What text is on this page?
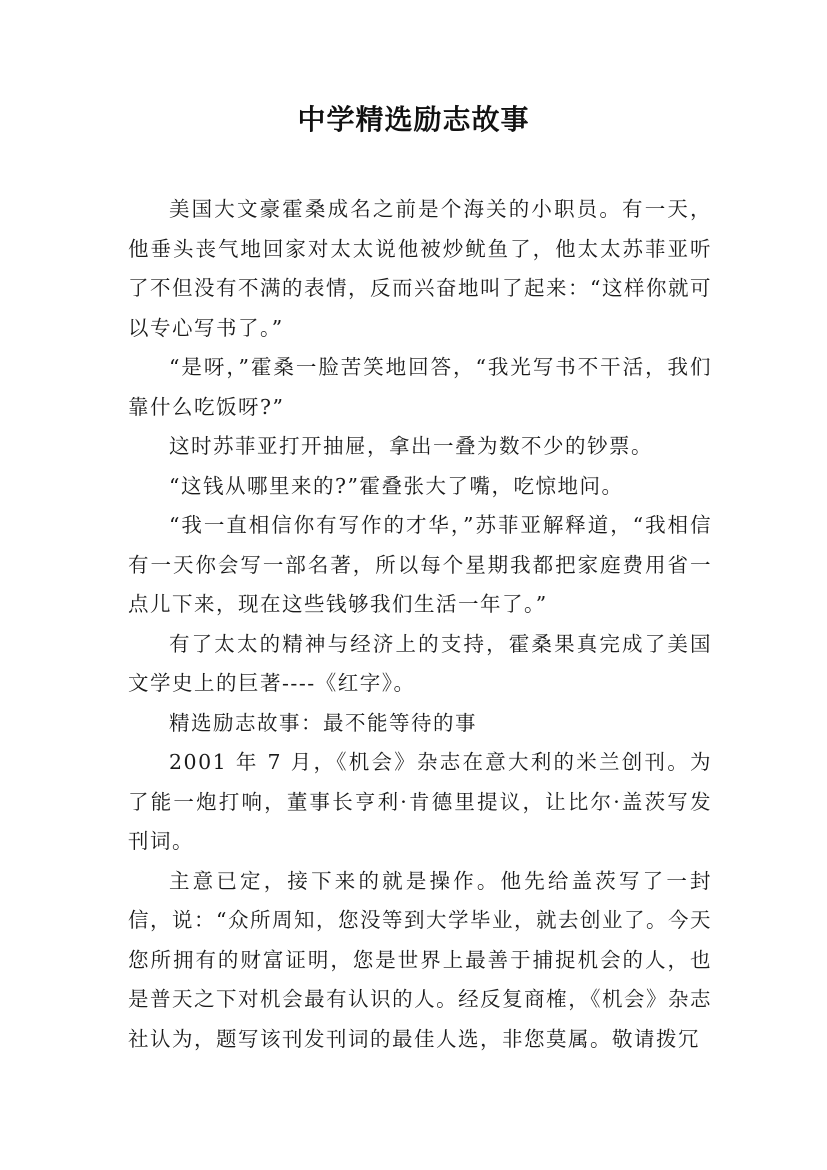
中学精选励志故事

美国大文豪霍桑成名之前是个海关的小职员。有一天，他垂头丧气地回家对太太说他被炒鱿鱼了，他太太苏菲亚听了不但没有不满的表情，反而兴奋地叫了起来：“这样你就可以专心写书了。”

“是呀，”霍桑一脸苦笑地回答，“我光写书不干活，我们靠什么吃饭呀?”

这时苏菲亚打开抽屉，拿出一叠为数不少的钞票。

“这钱从哪里来的?”霍叠张大了嘴，吃惊地问。

“我一直相信你有写作的才华，”苏菲亚解释道，“我相信有一天你会写一部名著，所以每个星期我都把家庭费用省一点儿下来，现在这些钱够我们生活一年了。”

有了太太的精神与经济上的支持，霍桑果真完成了美国文学史上的巨著----《红字》。

精选励志故事：最不能等待的事

2001 年 7 月，《机会》杂志在意大利的米兰创刊。为了能一炮打响，董事长亨利·肯德里提议，让比尔·盖茨写发刊词。

主意已定，接下来的就是操作。他先给盖茨写了一封信，说：“众所周知，您没等到大学毕业，就去创业了。今天您所拥有的财富证明，您是世界上最善于捕捉机会的人，也是普天之下对机会最有认识的人。经反复商榷，《机会》杂志社认为，题写该刊发刊词的最佳人选，非您莫属。敬请拨冗
